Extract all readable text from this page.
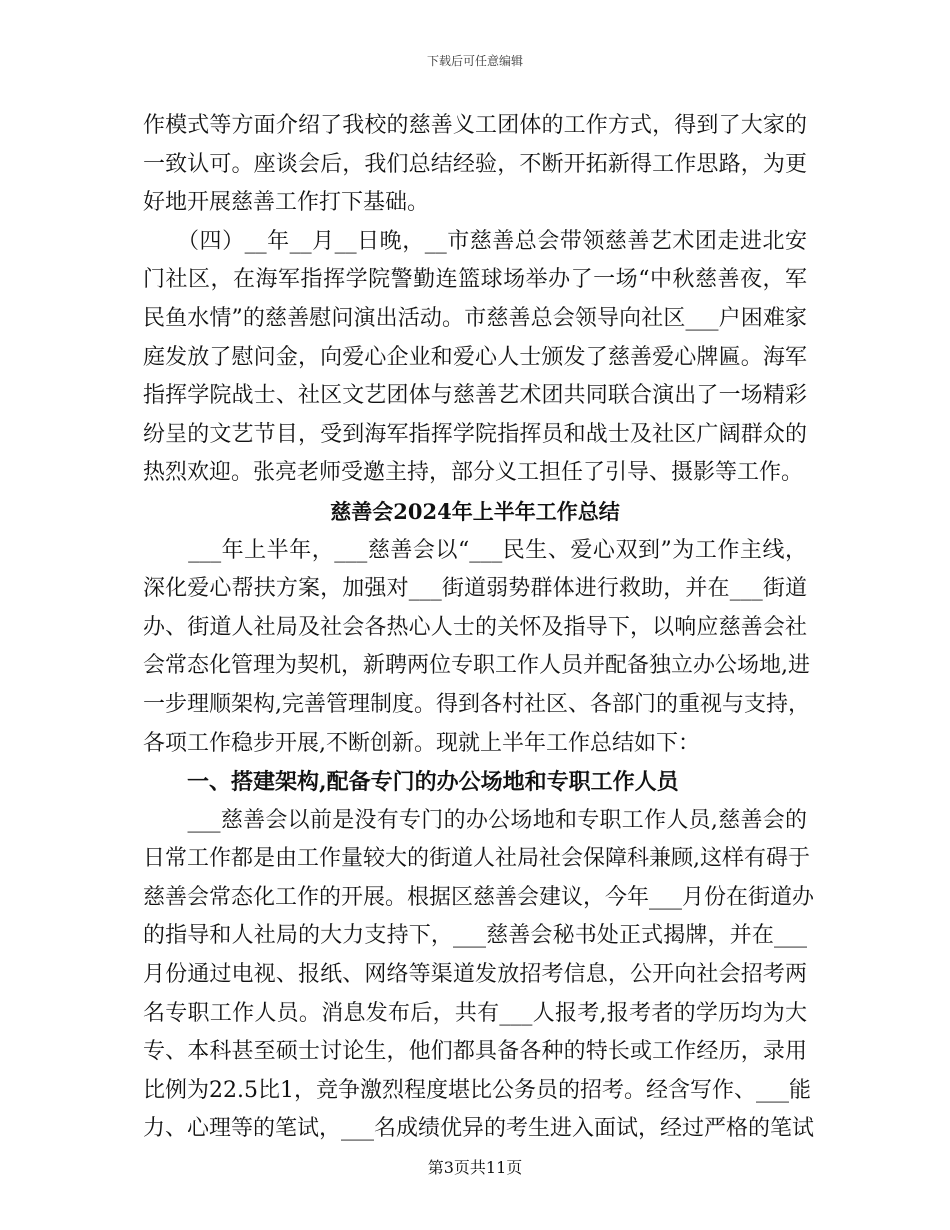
下载后可任意编辑
作模式等方面介绍了我校的慈善义工团体的工作方式，得到了大家的
一致认可。座谈会后，我们总结经验，不断开拓新得工作思路，为更
好地开展慈善工作打下基础。
　　（四）__年__月__日晚，__市慈善总会带领慈善艺术团走进北安
门社区，在海军指挥学院警勤连篮球场举办了一场“中秋慈善夜，军
民鱼水情”的慈善慰问演出活动。市慈善总会领导向社区___户困难家
庭发放了慰问金，向爱心企业和爱心人士颁发了慈善爱心牌匾。海军
指挥学院战士、社区文艺团体与慈善艺术团共同联合演出了一场精彩
纷呈的文艺节目，受到海军指挥学院指挥员和战士及社区广阔群众的
热烈欢迎。张亮老师受邀主持，部分义工担任了引导、摄影等工作。
慈善会2024年上半年工作总结
　　___年上半年，___慈善会以“___民生、爱心双到”为工作主线，
深化爱心帮扶方案，加强对___街道弱势群体进行救助，并在___街道
办、街道人社局及社会各热心人士的关怀及指导下，以响应慈善会社
会常态化管理为契机，新聘两位专职工作人员并配备独立办公场地,进
一步理顺架构,完善管理制度。得到各村社区、各部门的重视与支持，
各项工作稳步开展,不断创新。现就上半年工作总结如下：
　　一、搭建架构,配备专门的办公场地和专职工作人员
　　___慈善会以前是没有专门的办公场地和专职工作人员,慈善会的
日常工作都是由工作量较大的街道人社局社会保障科兼顾,这样有碍于
慈善会常态化工作的开展。根据区慈善会建议，今年___月份在街道办
的指导和人社局的大力支持下，___慈善会秘书处正式揭牌，并在___
月份通过电视、报纸、网络等渠道发放招考信息，公开向社会招考两
名专职工作人员。消息发布后，共有___人报考,报考者的学历均为大
专、本科甚至硕士讨论生，他们都具备各种的特长或工作经历，录用
比例为22.5比1，竞争激烈程度堪比公务员的招考。经含写作、___能
力、心理等的笔试，___名成绩优异的考生进入面试，经过严格的笔试
第3页共11页
